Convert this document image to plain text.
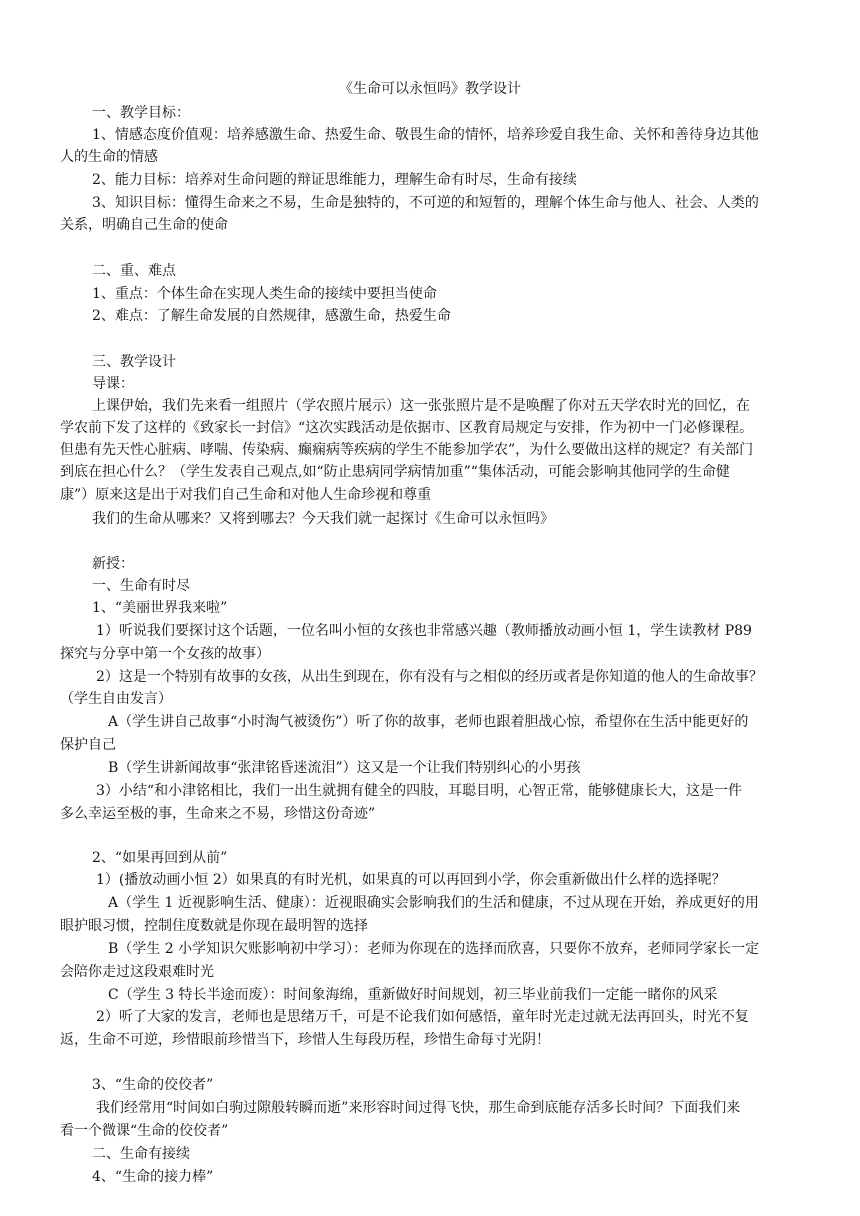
《生命可以永恒吗》教学设计
一、教学目标：
1、情感态度价值观：培养感激生命、热爱生命、敬畏生命的情怀，培养珍爱自我生命、关怀和善待身边其他
人的生命的情感
2、能力目标：培养对生命问题的辩证思维能力，理解生命有时尽，生命有接续
3、知识目标：懂得生命来之不易，生命是独特的，不可逆的和短暂的，理解个体生命与他人、社会、人类的
关系，明确自己生命的使命
二、重、难点
1、重点：个体生命在实现人类生命的接续中要担当使命
2、难点：了解生命发展的自然规律，感激生命，热爱生命
三、教学设计
导课：
上课伊始，我们先来看一组照片（学农照片展示）这一张张照片是不是唤醒了你对五天学农时光的回忆，在
学农前下发了这样的《致家长一封信》“这次实践活动是依据市、区教育局规定与安排，作为初中一门必修课程。
但患有先天性心脏病、哮喘、传染病、癫痫病等疾病的学生不能参加学农”，为什么要做出这样的规定？有关部门
到底在担心什么？（学生发表自己观点,如“防止患病同学病情加重”“集体活动，可能会影响其他同学的生命健
康”）原来这是出于对我们自己生命和对他人生命珍视和尊重
我们的生命从哪来？又将到哪去？今天我们就一起探讨《生命可以永恒吗》
新授：
一、生命有时尽
1、“美丽世界我来啦”
1）听说我们要探讨这个话题，一位名叫小恒的女孩也非常感兴趣（教师播放动画小恒 1，学生读教材 P89
探究与分享中第一个女孩的故事）
2）这是一个特别有故事的女孩，从出生到现在，你有没有与之相似的经历或者是你知道的他人的生命故事？
（学生自由发言）
A（学生讲自己故事“小时淘气被烫伤”）听了你的故事，老师也跟着胆战心惊，希望你在生活中能更好的
保护自己
B（学生讲新闻故事“张津铭昏迷流泪”）这又是一个让我们特别纠心的小男孩
3）小结“和小津铭相比，我们一出生就拥有健全的四肢，耳聪目明，心智正常，能够健康长大，这是一件
多么幸运至极的事，生命来之不易，珍惜这份奇迹”
2、“如果再回到从前”
1）(播放动画小恒 2）如果真的有时光机，如果真的可以再回到小学，你会重新做出什么样的选择呢？
A（学生 1 近视影响生活、健康）：近视眼确实会影响我们的生活和健康，不过从现在开始，养成更好的用
眼护眼习惯，控制住度数就是你现在最明智的选择
B（学生 2 小学知识欠账影响初中学习）：老师为你现在的选择而欣喜，只要你不放弃，老师同学家长一定
会陪你走过这段艰难时光
C（学生 3 特长半途而废）：时间象海绵，重新做好时间规划，初三毕业前我们一定能一睹你的风采
2）听了大家的发言，老师也是思绪万千，可是不论我们如何感悟，童年时光走过就无法再回头，时光不复
返，生命不可逆，珍惜眼前珍惜当下，珍惜人生每段历程，珍惜生命每寸光阴！
3、“生命的佼佼者”
我们经常用“时间如白驹过隙般转瞬而逝”来形容时间过得飞快，那生命到底能存活多长时间？下面我们来
看一个微课“生命的佼佼者”
二、生命有接续
4、“生命的接力棒”
